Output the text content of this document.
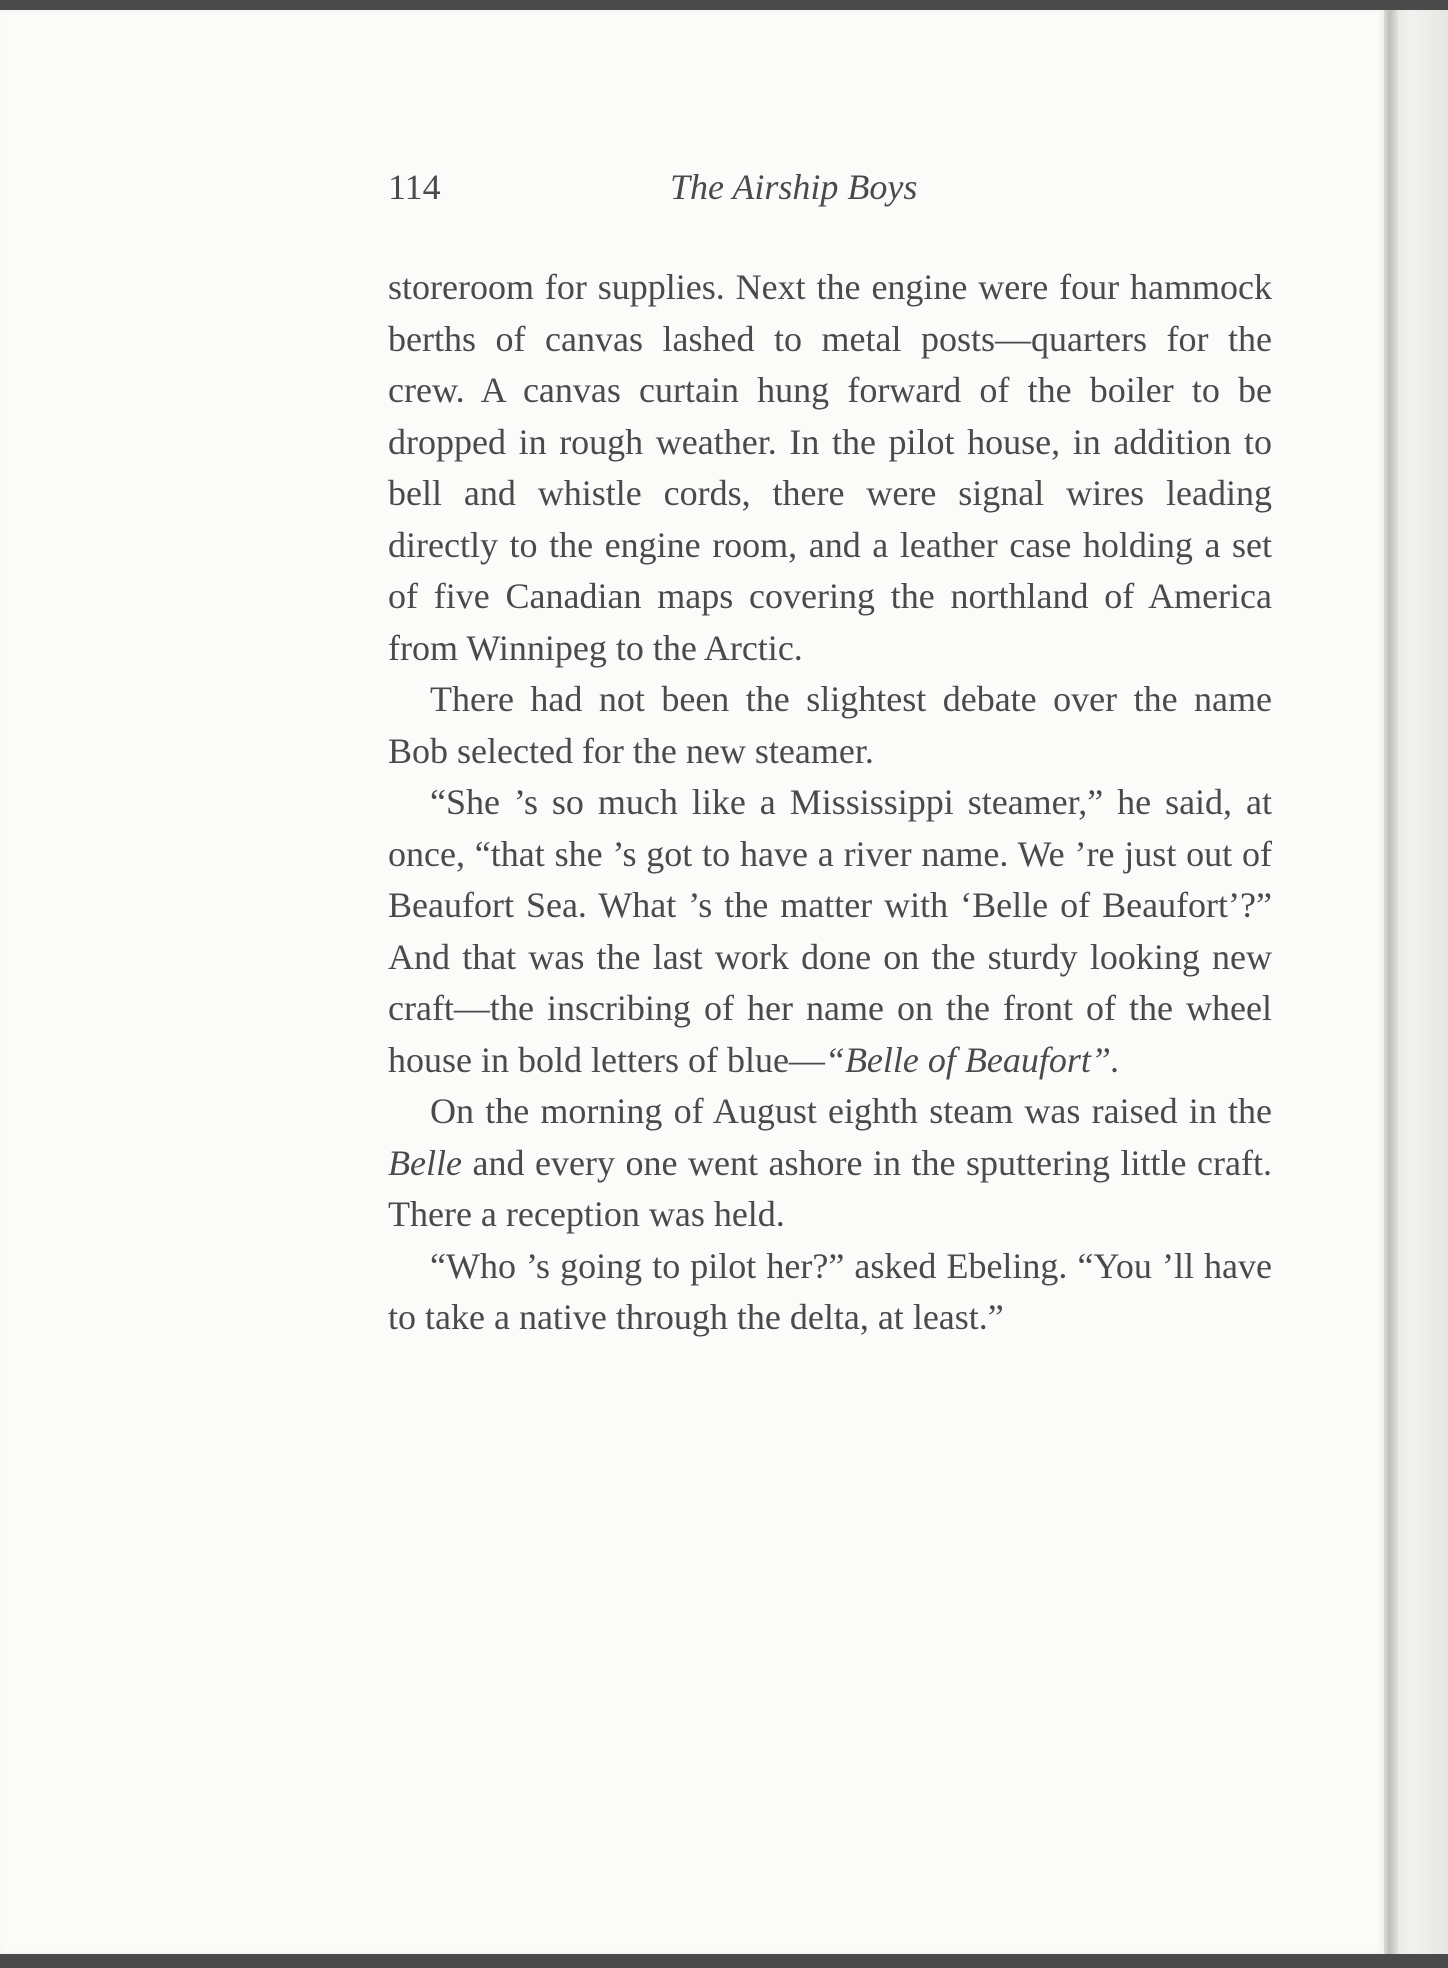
114	The Airship Boys

storeroom for supplies. Next the engine were four hammock berths of canvas lashed to metal posts—quarters for the crew. A canvas curtain hung forward of the boiler to be dropped in rough weather. In the pilot house, in addition to bell and whistle cords, there were signal wires leading directly to the engine room, and a leather case holding a set of five Canadian maps covering the northland of America from Winnipeg to the Arctic.

There had not been the slightest debate over the name Bob selected for the new steamer.

“She ’s so much like a Mississippi steamer,” he said, at once, “that she ’s got to have a river name. We ’re just out of Beaufort Sea. What ’s the matter with ‘Belle of Beaufort’?” And that was the last work done on the sturdy looking new craft—the inscribing of her name on the front of the wheel house in bold letters of blue—“Belle of Beaufort”.

On the morning of August eighth steam was raised in the Belle and every one went ashore in the sputtering little craft. There a reception was held.

“Who ’s going to pilot her?” asked Ebeling. “You ’ll have to take a native through the delta, at least.”
